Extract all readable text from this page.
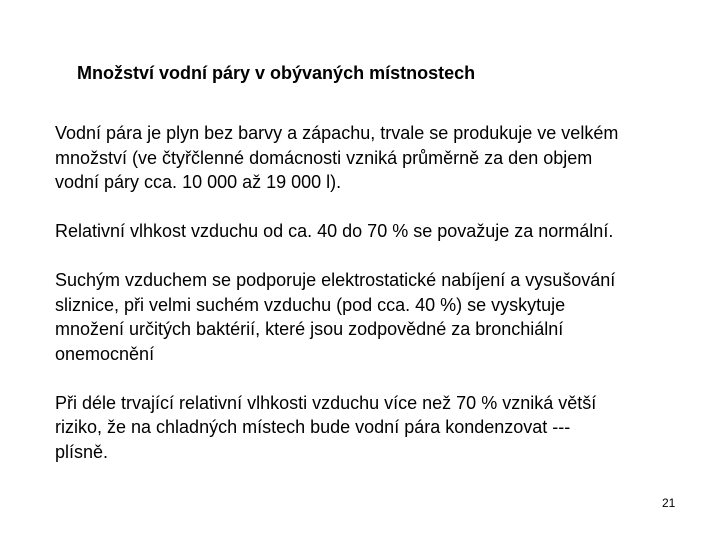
Množství vodní páry v obývaných místnostech

Vodní pára je plyn bez barvy a zápachu, trvale se produkuje ve velkém
množství (ve čtyřčlenné domácnosti vzniká průměrně za den objem
vodní páry cca. 10 000 až 19 000 l).

Relativní vlhkost vzduchu od ca. 40 do 70 % se považuje za normální.

Suchým vzduchem se podporuje elektrostatické nabíjení a vysušování
sliznice, při velmi suchém vzduchu (pod cca. 40 %) se vyskytuje
množení určitých baktérií, které jsou zodpovědné za bronchiální
onemocnění

Při déle trvající relativní vlhkosti vzduchu více než 70 % vzniká větší
riziko, že na chladných místech bude vodní pára kondenzovat ---
plísně.

21
